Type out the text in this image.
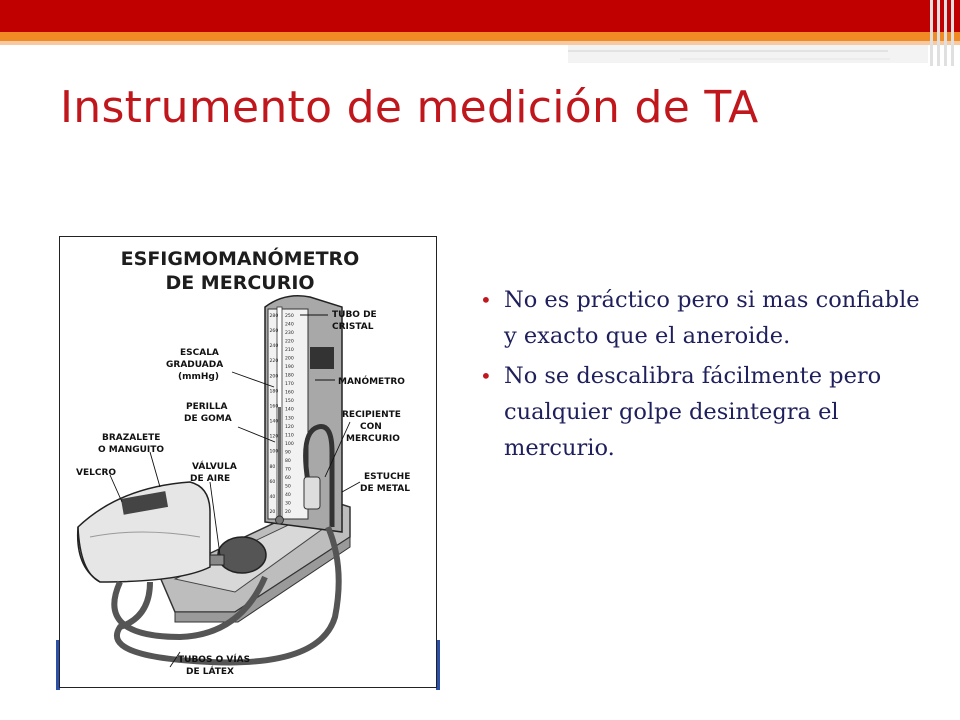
Instrumento de medición de TA
ESFIGMOMANÓMETRO
DE MERCURIO
280
260
240
220
200
180
160
140
120
100
80
60
40
20
250
240
230
220
210
200
190
180
170
160
150
140
130
120
110
100
90
80
70
60
50
40
30
20
TUBO DE
CRISTAL
ESCALA
GRADUADA
(mmHg)	MANÓMETRO
PERILLA
DE GOMA	RECIPIENTE
CON
MERCURIO
BRAZALETE
O MANGUITO
VELCRO
VÁLVULA
DE AIRE	ESTUCHE
DE METAL
TUBOS O VÍAS
DE LÁTEX
• No es práctico pero si mas confiable y exacto que el aneroide.
• No se descalibra fácilmente pero cualquier golpe desintegra el mercurio.
